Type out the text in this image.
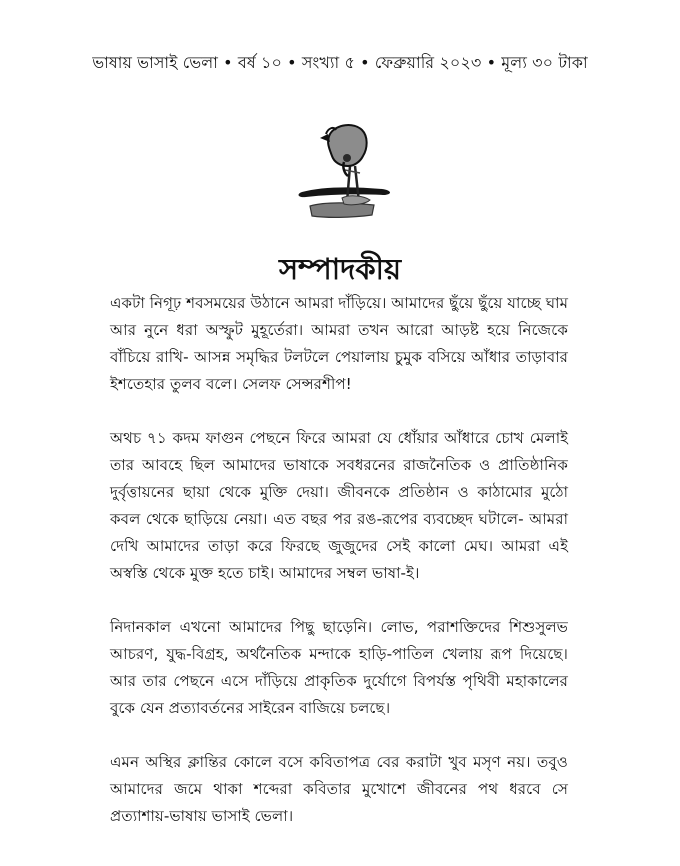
ভাষায় ভাসাই ভেলা • বর্ষ ১০ • সংখ্যা ৫ • ফেব্রুয়ারি ২০২৩ • মূল্য ৩০ টাকা
সম্পাদকীয়

একটা নিগূঢ় শবসময়ের উঠানে আমরা দাঁড়িয়ে। আমাদের ছুঁয়ে ছুঁয়ে যাচ্ছে ঘাম আর নুনে ধরা অস্ফুট মুহূর্তেরা। আমরা তখন আরো আড়ষ্ট হয়ে নিজেকে বাঁচিয়ে রাখি- আসন্ন সমৃদ্ধির টলটলে পেয়ালায় চুমুক বসিয়ে আঁধার তাড়াবার ইশতেহার তুলব বলে। সেলফ সেন্সরশীপ!

অথচ ৭১ কদম ফাগুন পেছনে ফিরে আমরা যে ধোঁয়ার আঁধারে চোখ মেলাই তার আবহে ছিল আমাদের ভাষাকে সবধরনের রাজনৈতিক ও প্রাতিষ্ঠানিক দুর্বৃত্তায়নের ছায়া থেকে মুক্তি দেয়া। জীবনকে প্রতিষ্ঠান ও কাঠামোর মুঠো কবল থেকে ছাড়িয়ে নেয়া। এত বছর পর রঙ-রূপের ব্যবচ্ছেদ ঘটালে- আমরা দেখি আমাদের তাড়া করে ফিরছে জুজুদের সেই কালো মেঘ। আমরা এই অস্বস্তি থেকে মুক্ত হতে চাই। আমাদের সম্বল ভাষা-ই।

নিদানকাল এখনো আমাদের পিছু ছাড়েনি। লোভ, পরাশক্তিদের শিশুসুলভ আচরণ, যুদ্ধ-বিগ্রহ, অর্থনৈতিক মন্দাকে হাড়ি-পাতিল খেলায় রূপ দিয়েছে। আর তার পেছনে এসে দাঁড়িয়ে প্রাকৃতিক দুর্যোগে বিপর্যস্ত পৃথিবী মহাকালের বুকে যেন প্রত্যাবর্তনের সাইরেন বাজিয়ে চলছে।

এমন অস্থির ক্লান্তির কোলে বসে কবিতাপত্র বের করাটা খুব মসৃণ নয়। তবুও আমাদের জমে থাকা শব্দেরা কবিতার মুখোশে জীবনের পথ ধরবে সে প্রত্যাশায়-ভাষায় ভাসাই ভেলা।
